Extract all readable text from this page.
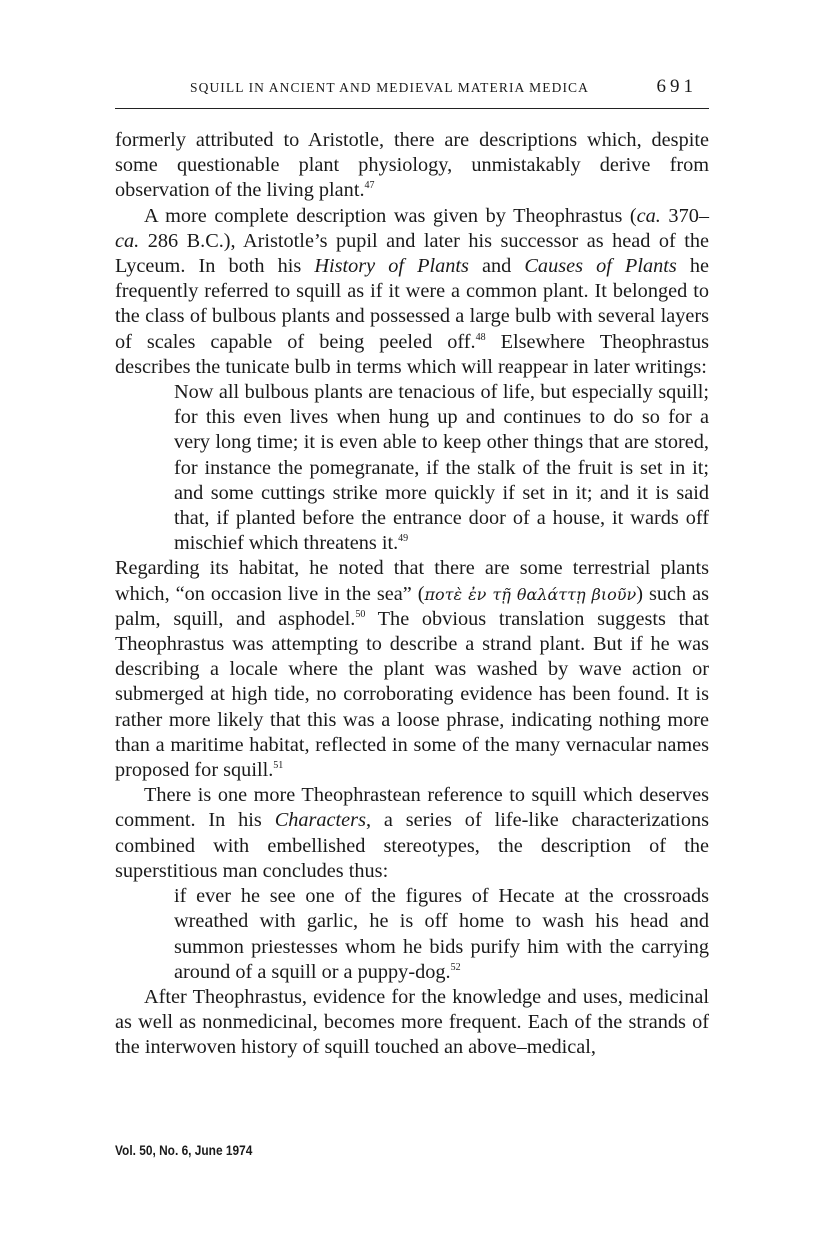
SQUILL IN ANCIENT AND MEDIEVAL MATERIA MEDICA	691

formerly attributed to Aristotle, there are descriptions which, despite some questionable plant physiology, unmistakably derive from observation of the living plant.$^{47}$

A more complete description was given by Theophrastus (ca. 370–ca. 286 B.C.), Aristotle’s pupil and later his successor as head of the Lyceum. In both his History of Plants and Causes of Plants he frequently referred to squill as if it were a common plant. It belonged to the class of bulbous plants and possessed a large bulb with several layers of scales capable of being peeled off.$^{48}$ Elsewhere Theophrastus describes the tunicate bulb in terms which will reappear in later writings:

Now all bulbous plants are tenacious of life, but especially squill; for this even lives when hung up and continues to do so for a very long time; it is even able to keep other things that are stored, for instance the pomegranate, if the stalk of the fruit is set in it; and some cuttings strike more quickly if set in it; and it is said that, if planted before the entrance door of a house, it wards off mischief which threatens it.$^{49}$

Regarding its habitat, he noted that there are some terrestrial plants which, “on occasion live in the sea” (ποτὲ ἐν τῇ θαλάττῃ βιοῦν) such as palm, squill, and asphodel.$^{50}$ The obvious translation suggests that Theophrastus was attempting to describe a strand plant. But if he was describing a locale where the plant was washed by wave action or submerged at high tide, no corroborating evidence has been found. It is rather more likely that this was a loose phrase, indicating nothing more than a maritime habitat, reflected in some of the many vernacular names proposed for squill.$^{51}$

There is one more Theophrastean reference to squill which deserves comment. In his Characters, a series of life-like characterizations combined with embellished stereotypes, the description of the superstitious man concludes thus:

if ever he see one of the figures of Hecate at the crossroads wreathed with garlic, he is off home to wash his head and summon priestesses whom he bids purify him with the carrying around of a squill or a puppy-dog.$^{52}$

After Theophrastus, evidence for the knowledge and uses, medicinal as well as nonmedicinal, becomes more frequent. Each of the strands of the interwoven history of squill touched an above–medical,

Vol. 50, No. 6, June 1974
